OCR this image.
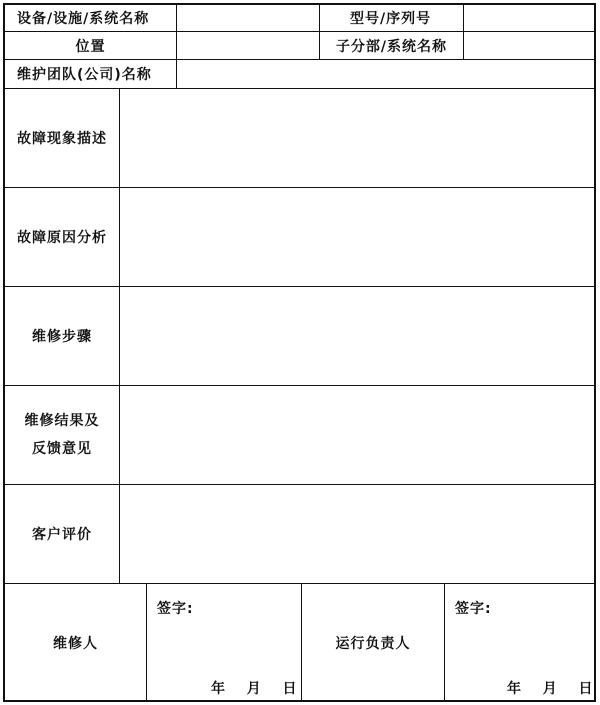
设备/设施/系统名称	型号/序列号
位置	子分部/系统名称
维护团队(公司)名称
故障现象描述
故障原因分析
维修步骤
维修结果及
反馈意见
客户评价
维修人
签字:
年  月  日
运行负责人
签字:
年  月  日
